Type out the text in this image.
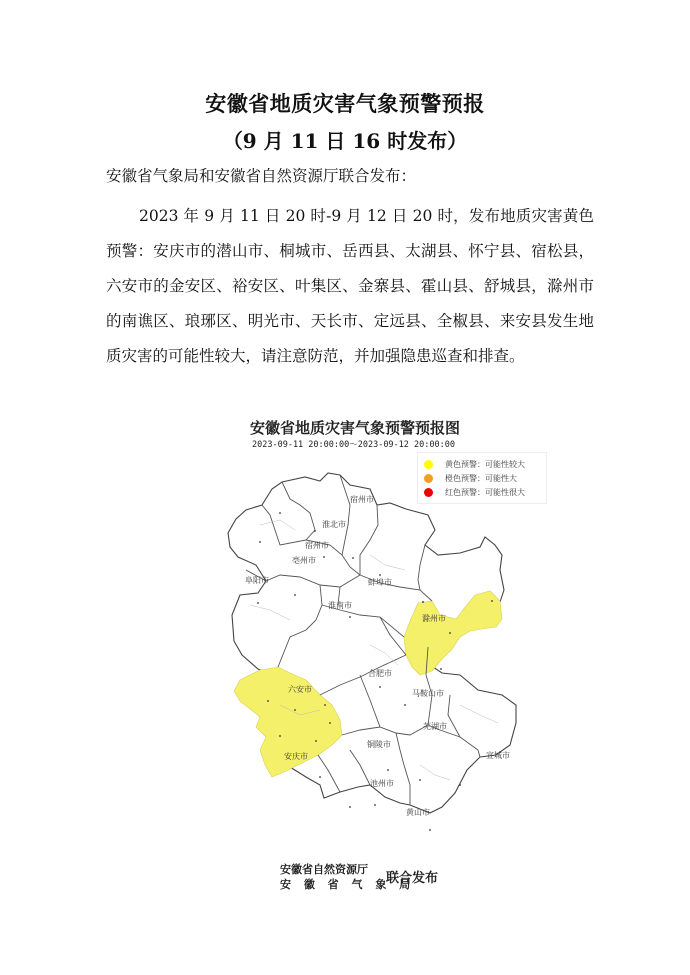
安徽省地质灾害气象预警预报
（9 月 11 日 16 时发布）
安徽省气象局和安徽省自然资源厅联合发布：
2023 年 9 月 11 日 20 时-9 月 12 日 20 时，发布地质灾害黄色预警：安庆市的潜山市、桐城市、岳西县、太湖县、怀宁县、宿松县，六安市的金安区、裕安区、叶集区、金寨县、霍山县、舒城县，滁州市的南谯区、琅琊区、明光市、天长市、定远县、全椒县、来安县发生地质灾害的可能性较大，请注意防范，并加强隐患巡查和排查。
宿州市
淮北市
阜阳市
亳州市
宿州市
蚌埠市
淮南市
滁州市
六安市
合肥市
马鞍山市
芜湖市
铜陵市
安庆市
池州市
宣城市
黄山市
安徽省地质灾害气象预警预报图
2023-09-11 20:00:00～2023-09-12 20:00:00
黄色预警：可能性较大
橙色预警：可能性大
红色预警：可能性很大
安徽省自然资源厅
安 徽 省 气 象 局
联合发布
